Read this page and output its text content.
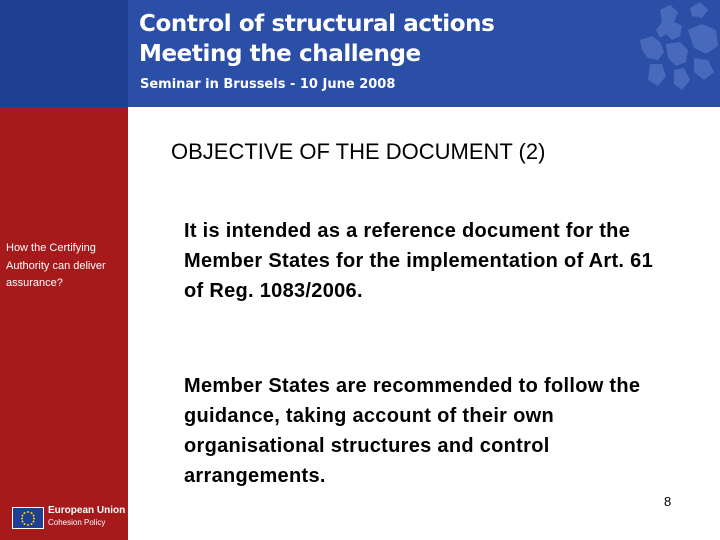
Control of structural actions
Meeting the challenge
Seminar in Brussels - 10 June 2008
How the Certifying Authority can deliver assurance?
European Union
Cohesion Policy
OBJECTIVE OF THE DOCUMENT (2)
It is intended as a reference document for the Member States for the implementation of Art. 61 of Reg. 1083/2006.
Member States are recommended to follow the guidance, taking account of their own organisational structures and control arrangements.
8
